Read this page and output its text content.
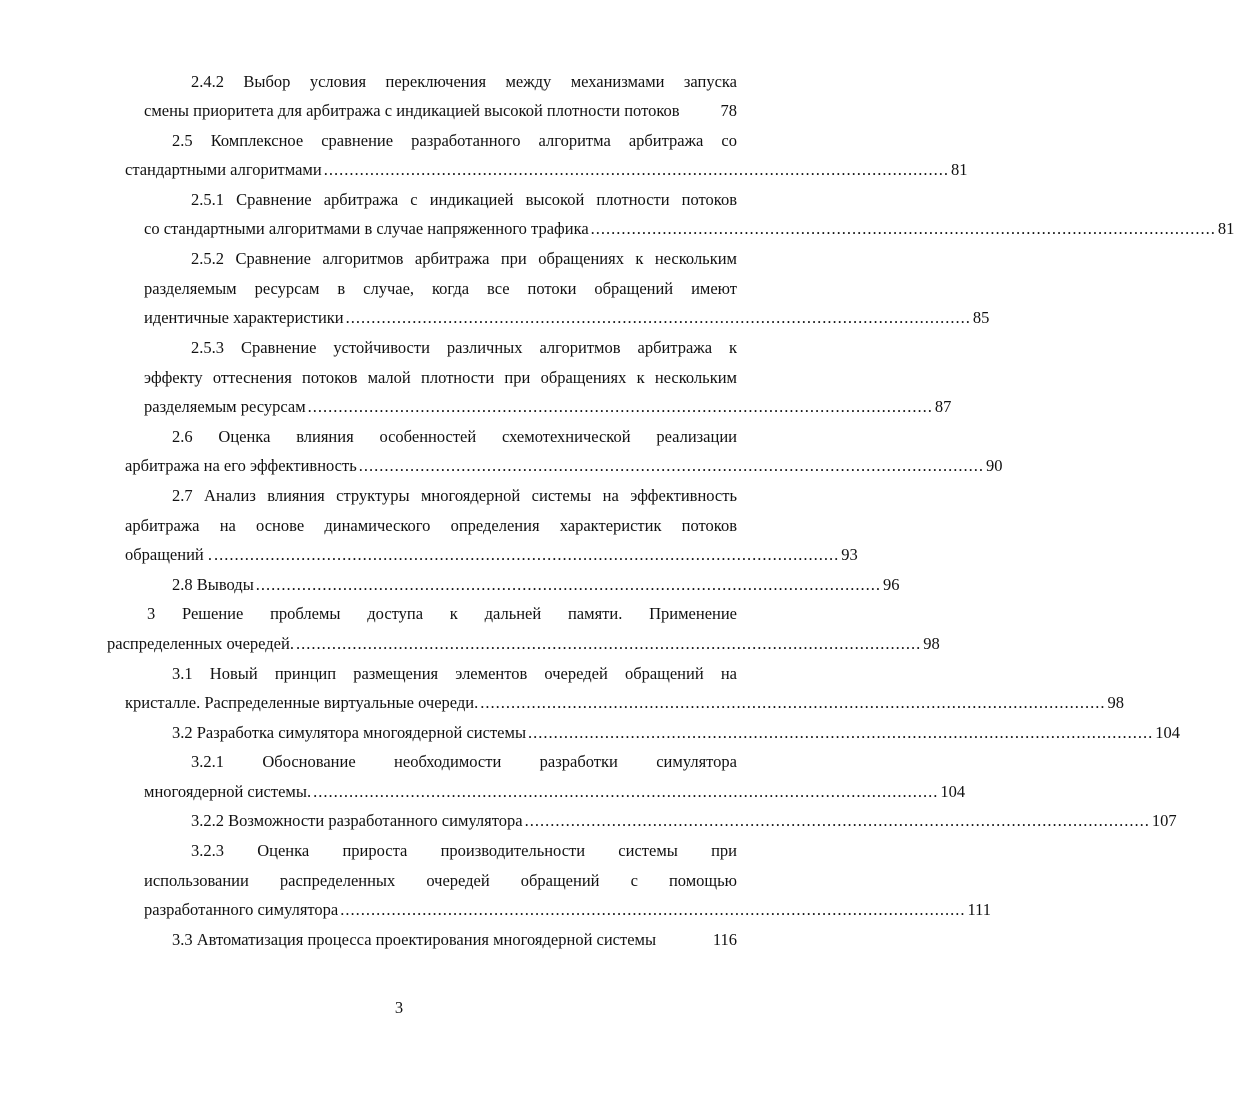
2.4.2 Выбор условия переключения между механизмами запуска
смены приоритета для арбитража с индикацией высокой плотности потоков 78
2.5 Комплексное сравнение разработанного алгоритма арбитража со
стандартными алгоритмами .......................................................................................................................... 81
2.5.1 Сравнение арбитража с индикацией высокой плотности потоков
со стандартными алгоритмами в случае напряженного трафика .......................................................................................................................... 81
2.5.2 Сравнение алгоритмов арбитража при обращениях к нескольким
разделяемым ресурсам в случае, когда все потоки обращений имеют
идентичные характеристики .......................................................................................................................... 85
2.5.3 Сравнение устойчивости различных алгоритмов арбитража к
эффекту оттеснения потоков малой плотности при обращениях к нескольким
разделяемым ресурсам .......................................................................................................................... 87
2.6 Оценка влияния особенностей схемотехнической реализации
арбитража на его эффективность .......................................................................................................................... 90
2.7 Анализ влияния структуры многоядерной системы на эффективность
арбитража на основе динамического определения характеристик потоков
обращений . .......................................................................................................................... 93
2.8 Выводы .......................................................................................................................... 96
3 Решение проблемы доступа к дальней памяти. Применение
распределенных очередей. .......................................................................................................................... 98
3.1 Новый принцип размещения элементов очередей обращений на
кристалле. Распределенные виртуальные очереди. .......................................................................................................................... 98
3.2 Разработка симулятора многоядерной системы .......................................................................................................................... 104
3.2.1 Обоснование необходимости разработки симулятора
многоядерной системы. .......................................................................................................................... 104
3.2.2 Возможности разработанного симулятора .......................................................................................................................... 107
3.2.3 Оценка прироста производительности системы при
использовании распределенных очередей обращений с помощью
разработанного симулятора .......................................................................................................................... 111
3.3 Автоматизация процесса проектирования многоядерной системы	116
3
